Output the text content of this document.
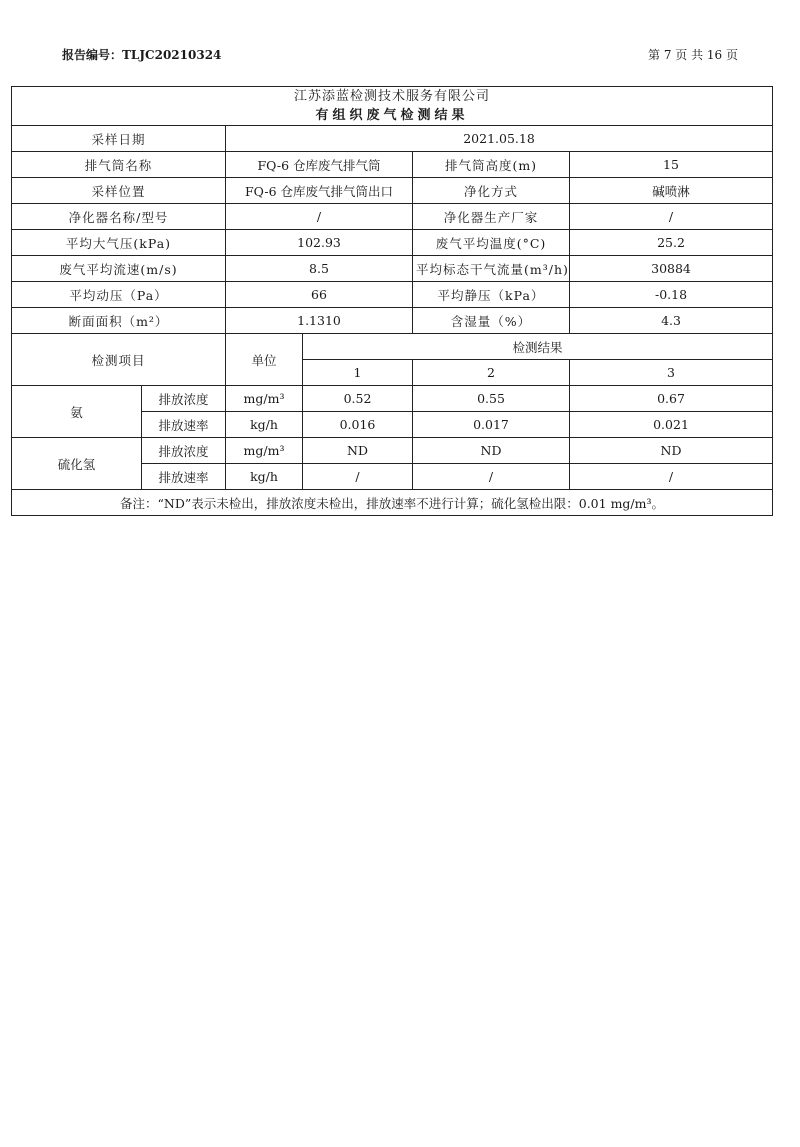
报告编号：TLJC20210324	第 7 页 共 16 页
江苏添蓝检测技术服务有限公司
有组织废气检测结果					

采样日期		2021.05.18			
排气筒名称		FQ-6 仓库废气排气筒		排气筒高度(m)	15
采样位置		FQ-6 仓库废气排气筒出口		净化方式	碱喷淋
净化器名称/型号		/		净化器生产厂家	/
平均大气压(kPa)		102.93		废气平均温度(°C)	25.2
废气平均流速(m/s)		8.5		平均标态干气流量(m³/h)	30884
平均动压（Pa）		66		平均静压（kPa）	-0.18
断面面积（m²）		1.1310		含湿量（%）	4.3
检测项目		单位	检测结果		
			1	2	3
氨	排放浓度	mg/m³	0.52	0.55	0.67
	排放速率	kg/h	0.016	0.017	0.021
硫化氢	排放浓度	mg/m³	ND	ND	ND
	排放速率	kg/h	/	/	/
备注：“ND”表示未检出，排放浓度未检出，排放速率不进行计算；硫化氢检出限：0.01 mg/m³。					
